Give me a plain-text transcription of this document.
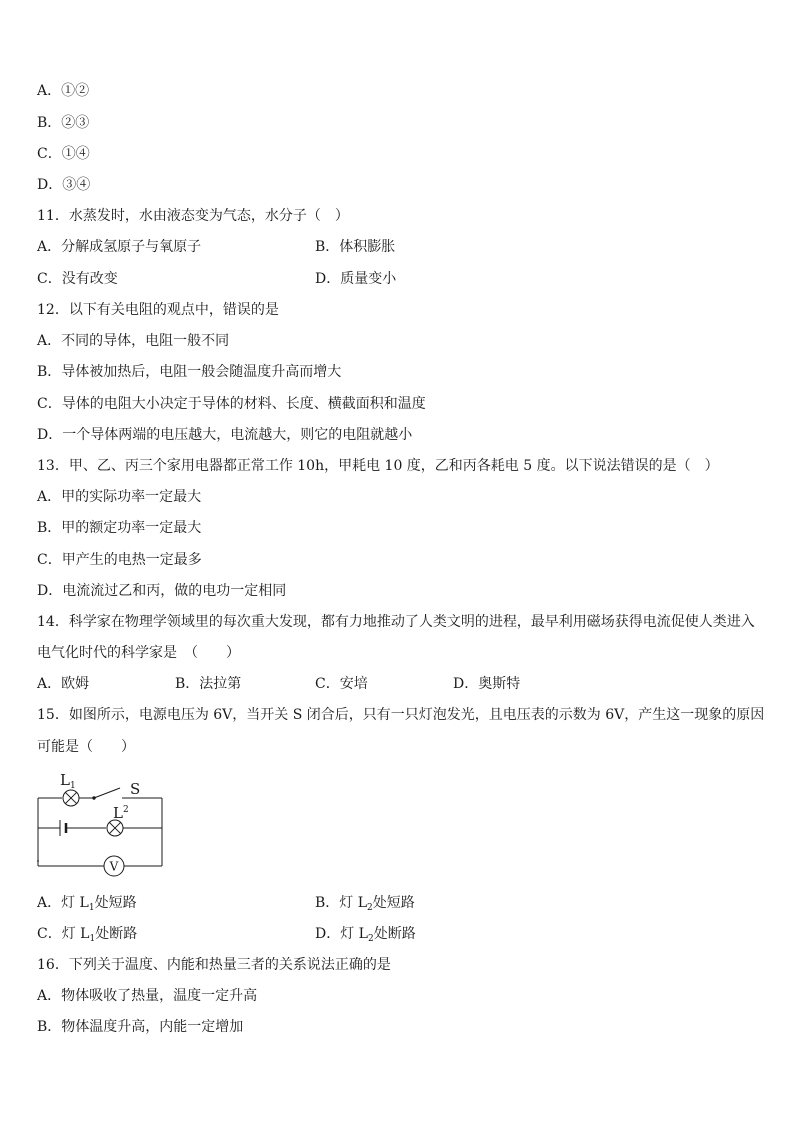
A．①②
B．②③
C．①④
D．③④
11．水蒸发时，水由液态变为气态，水分子（　）
A．分解成氢原子与氧原子	B．体积膨胀
C．没有改变	D．质量变小
12．以下有关电阻的观点中，错误的是
A．不同的导体，电阻一般不同
B．导体被加热后，电阻一般会随温度升高而增大
C．导体的电阻大小决定于导体的材料、长度、横截面积和温度
D．一个导体两端的电压越大，电流越大，则它的电阻就越小
13．甲、乙、丙三个家用电器都正常工作 10h，甲耗电 10 度，乙和丙各耗电 5 度。以下说法错误的是（　）
A．甲的实际功率一定最大
B．甲的额定功率一定最大
C．甲产生的电热一定最多
D．电流流过乙和丙，做的电功一定相同
14．科学家在物理学领域里的每次重大发现，都有力地推动了人类文明的进程，最早利用磁场获得电流促使人类进入
电气化时代的科学家是　（　　）
A．欧姆	B．法拉第	C．安培	D．奥斯特
15．如图所示，电源电压为 6V，当开关 S 闭合后，只有一只灯泡发光，且电压表的示数为 6V，产生这一现象的原因
可能是（　　）
$L_1$	S
$L^2$
V
A．灯 $L_1$处短路	B．灯 $L_2$处短路
C．灯 $L_1$处断路	D．灯 $L_2$处断路
16．下列关于温度、内能和热量三者的关系说法正确的是
A．物体吸收了热量，温度一定升高
B．物体温度升高，内能一定增加
